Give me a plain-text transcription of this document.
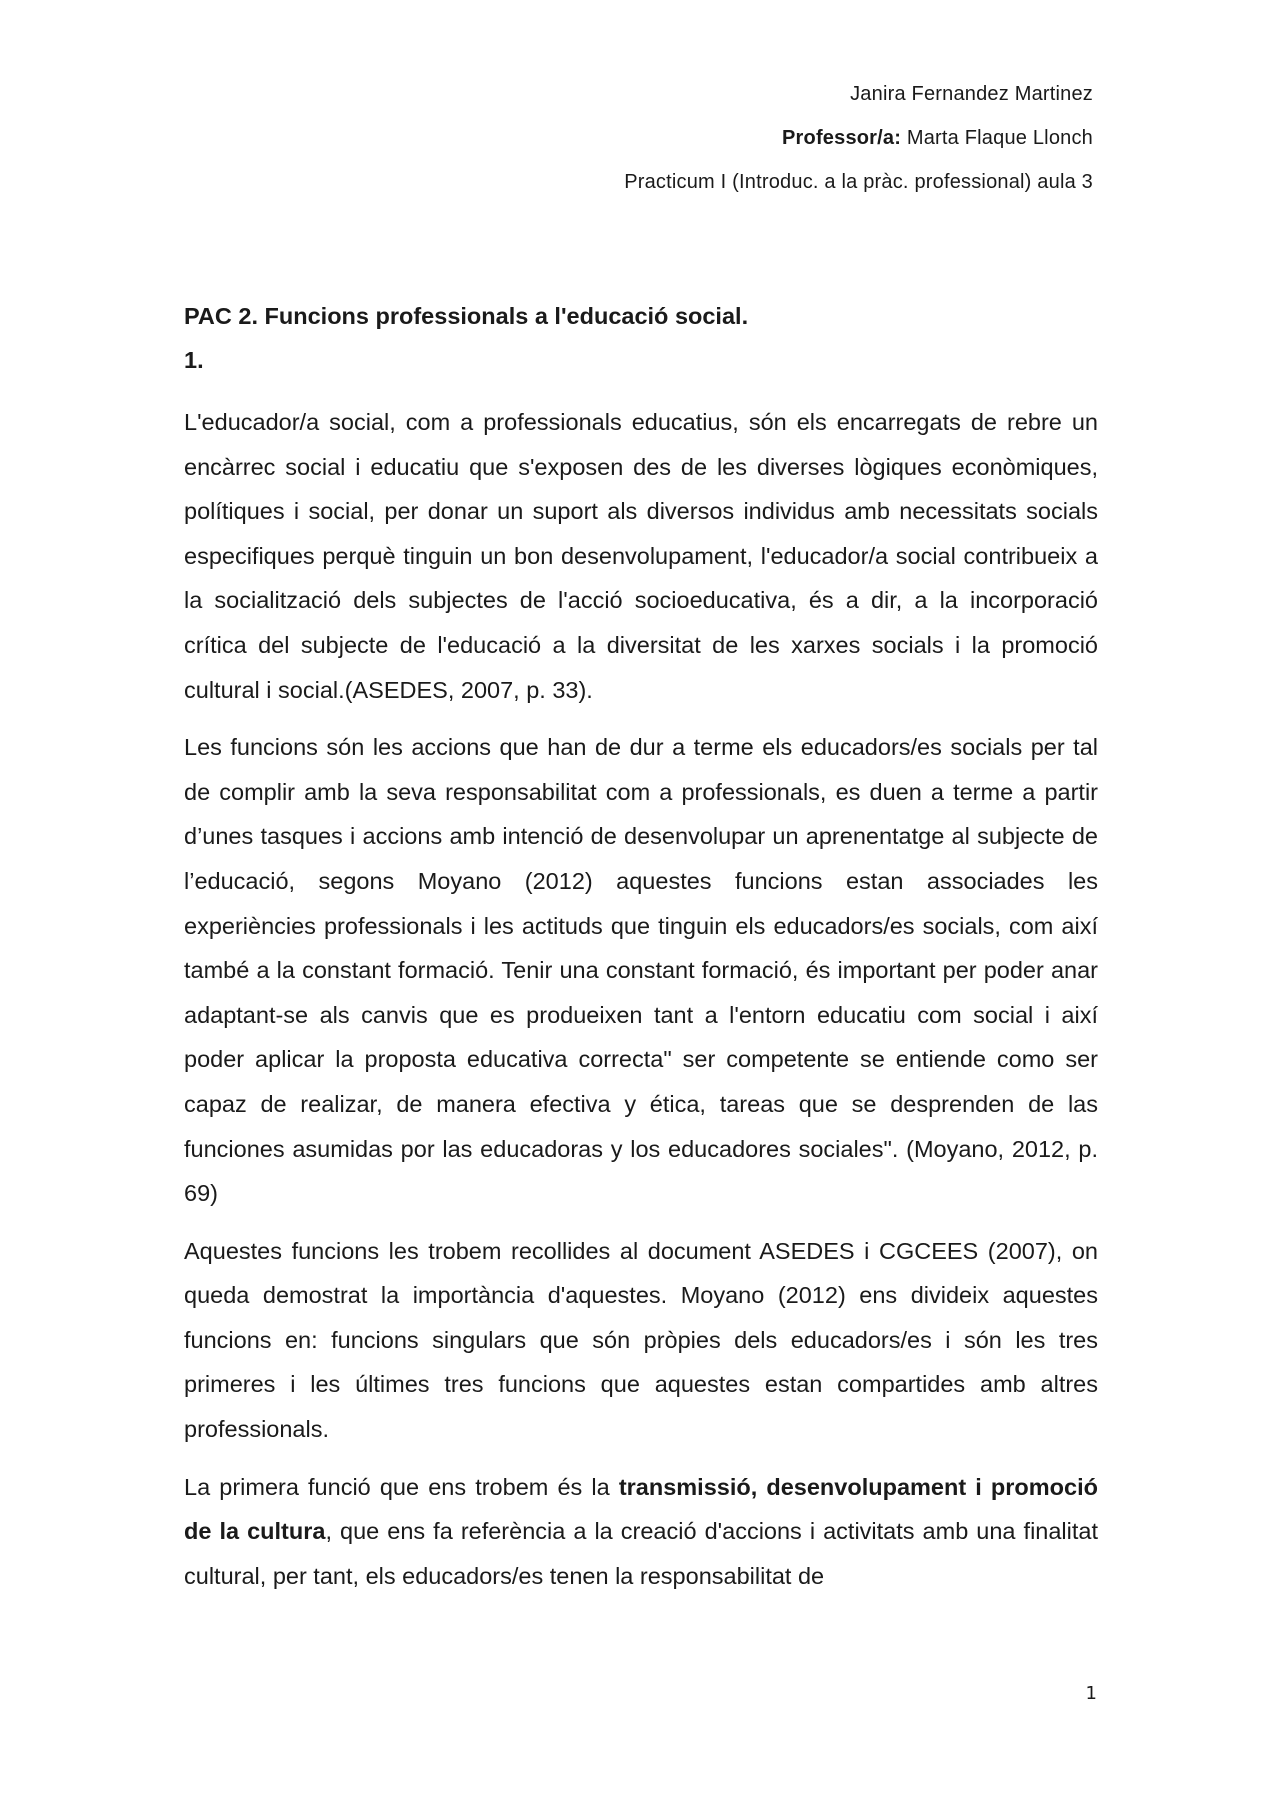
Janira Fernandez Martinez
Professor/a: Marta Flaque Llonch
Practicum I (Introduc. a la pràc. professional) aula 3

PAC 2. Funcions professionals a l'educació social.

1.

L'educador/a social, com a professionals educatius, són els encarregats de rebre un encàrrec social i educatiu que s'exposen des de les diverses lògiques econòmiques, polítiques i social, per donar un suport als diversos individus amb necessitats socials especifiques perquè tinguin un bon desenvolupament, l'educador/a social contribueix a la socialització dels subjectes de l'acció socioeducativa, és a dir, a la incorporació crítica del subjecte de l'educació a la diversitat de les xarxes socials i la promoció cultural i social.(ASEDES, 2007, p. 33).

Les funcions són les accions que han de dur a terme els educadors/es socials per tal de complir amb la seva responsabilitat com a professionals, es duen a terme a partir d’unes tasques i accions amb intenció de desenvolupar un aprenentatge al subjecte de l’educació, segons Moyano (2012) aquestes funcions estan associades les experiències professionals i les actituds que tinguin els educadors/es socials, com així també a la constant formació. Tenir una constant formació, és important per poder anar adaptant-se als canvis que es produeixen tant a l'entorn educatiu com social i així poder aplicar la proposta educativa correcta" ser competente se entiende como ser capaz de realizar, de manera efectiva y ética, tareas que se desprenden de las funciones asumidas por las educadoras y los educadores sociales". (Moyano, 2012, p. 69)

Aquestes funcions les trobem recollides al document ASEDES i CGCEES (2007), on queda demostrat la importància d'aquestes. Moyano (2012) ens divideix aquestes funcions en: funcions singulars que són pròpies dels educadors/es i són les tres primeres i les últimes tres funcions que aquestes estan compartides amb altres professionals.

La primera funció que ens trobem és la transmissió, desenvolupament i promoció de la cultura, que ens fa referència a la creació d'accions i activitats amb una finalitat cultural, per tant, els educadors/es tenen la responsabilitat de

1
